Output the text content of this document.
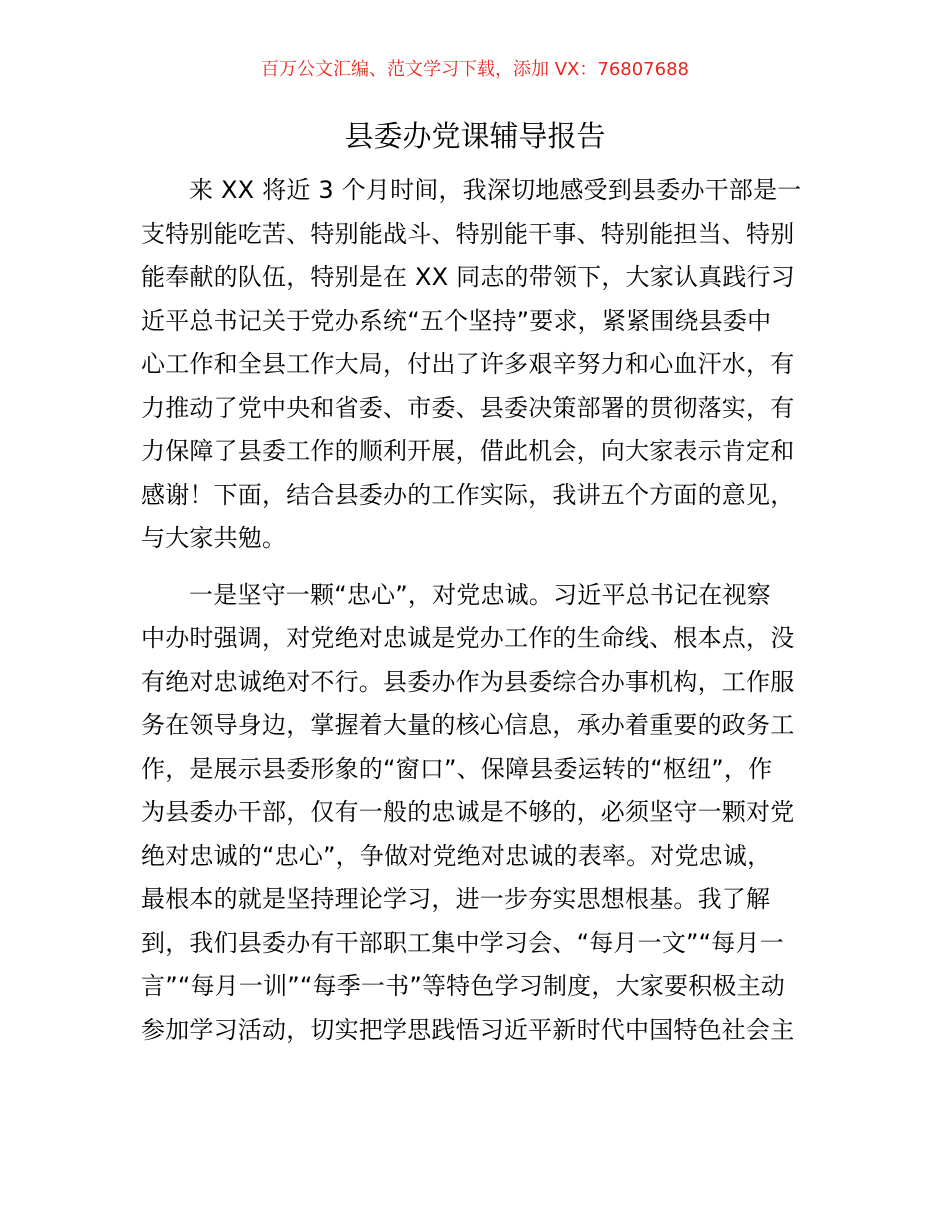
百万公文汇编、范文学习下载，添加 VX：76807688
县委办党课辅导报告
来 XX 将近 3 个月时间，我深切地感受到县委办干部是一
支特别能吃苦、特别能战斗、特别能干事、特别能担当、特别
能奉献的队伍，特别是在 XX 同志的带领下，大家认真践行习
近平总书记关于党办系统“五个坚持”要求，紧紧围绕县委中
心工作和全县工作大局，付出了许多艰辛努力和心血汗水，有
力推动了党中央和省委、市委、县委决策部署的贯彻落实，有
力保障了县委工作的顺利开展，借此机会，向大家表示肯定和
感谢！下面，结合县委办的工作实际，我讲五个方面的意见，
与大家共勉。
一是坚守一颗“忠心”，对党忠诚。习近平总书记在视察
中办时强调，对党绝对忠诚是党办工作的生命线、根本点，没
有绝对忠诚绝对不行。县委办作为县委综合办事机构，工作服
务在领导身边，掌握着大量的核心信息，承办着重要的政务工
作，是展示县委形象的“窗口”、保障县委运转的“枢纽”，作
为县委办干部，仅有一般的忠诚是不够的，必须坚守一颗对党
绝对忠诚的“忠心”，争做对党绝对忠诚的表率。对党忠诚，
最根本的就是坚持理论学习，进一步夯实思想根基。我了解
到，我们县委办有干部职工集中学习会、“每月一文”“每月一
言”“每月一训”“每季一书”等特色学习制度，大家要积极主动
参加学习活动，切实把学思践悟习近平新时代中国特色社会主
